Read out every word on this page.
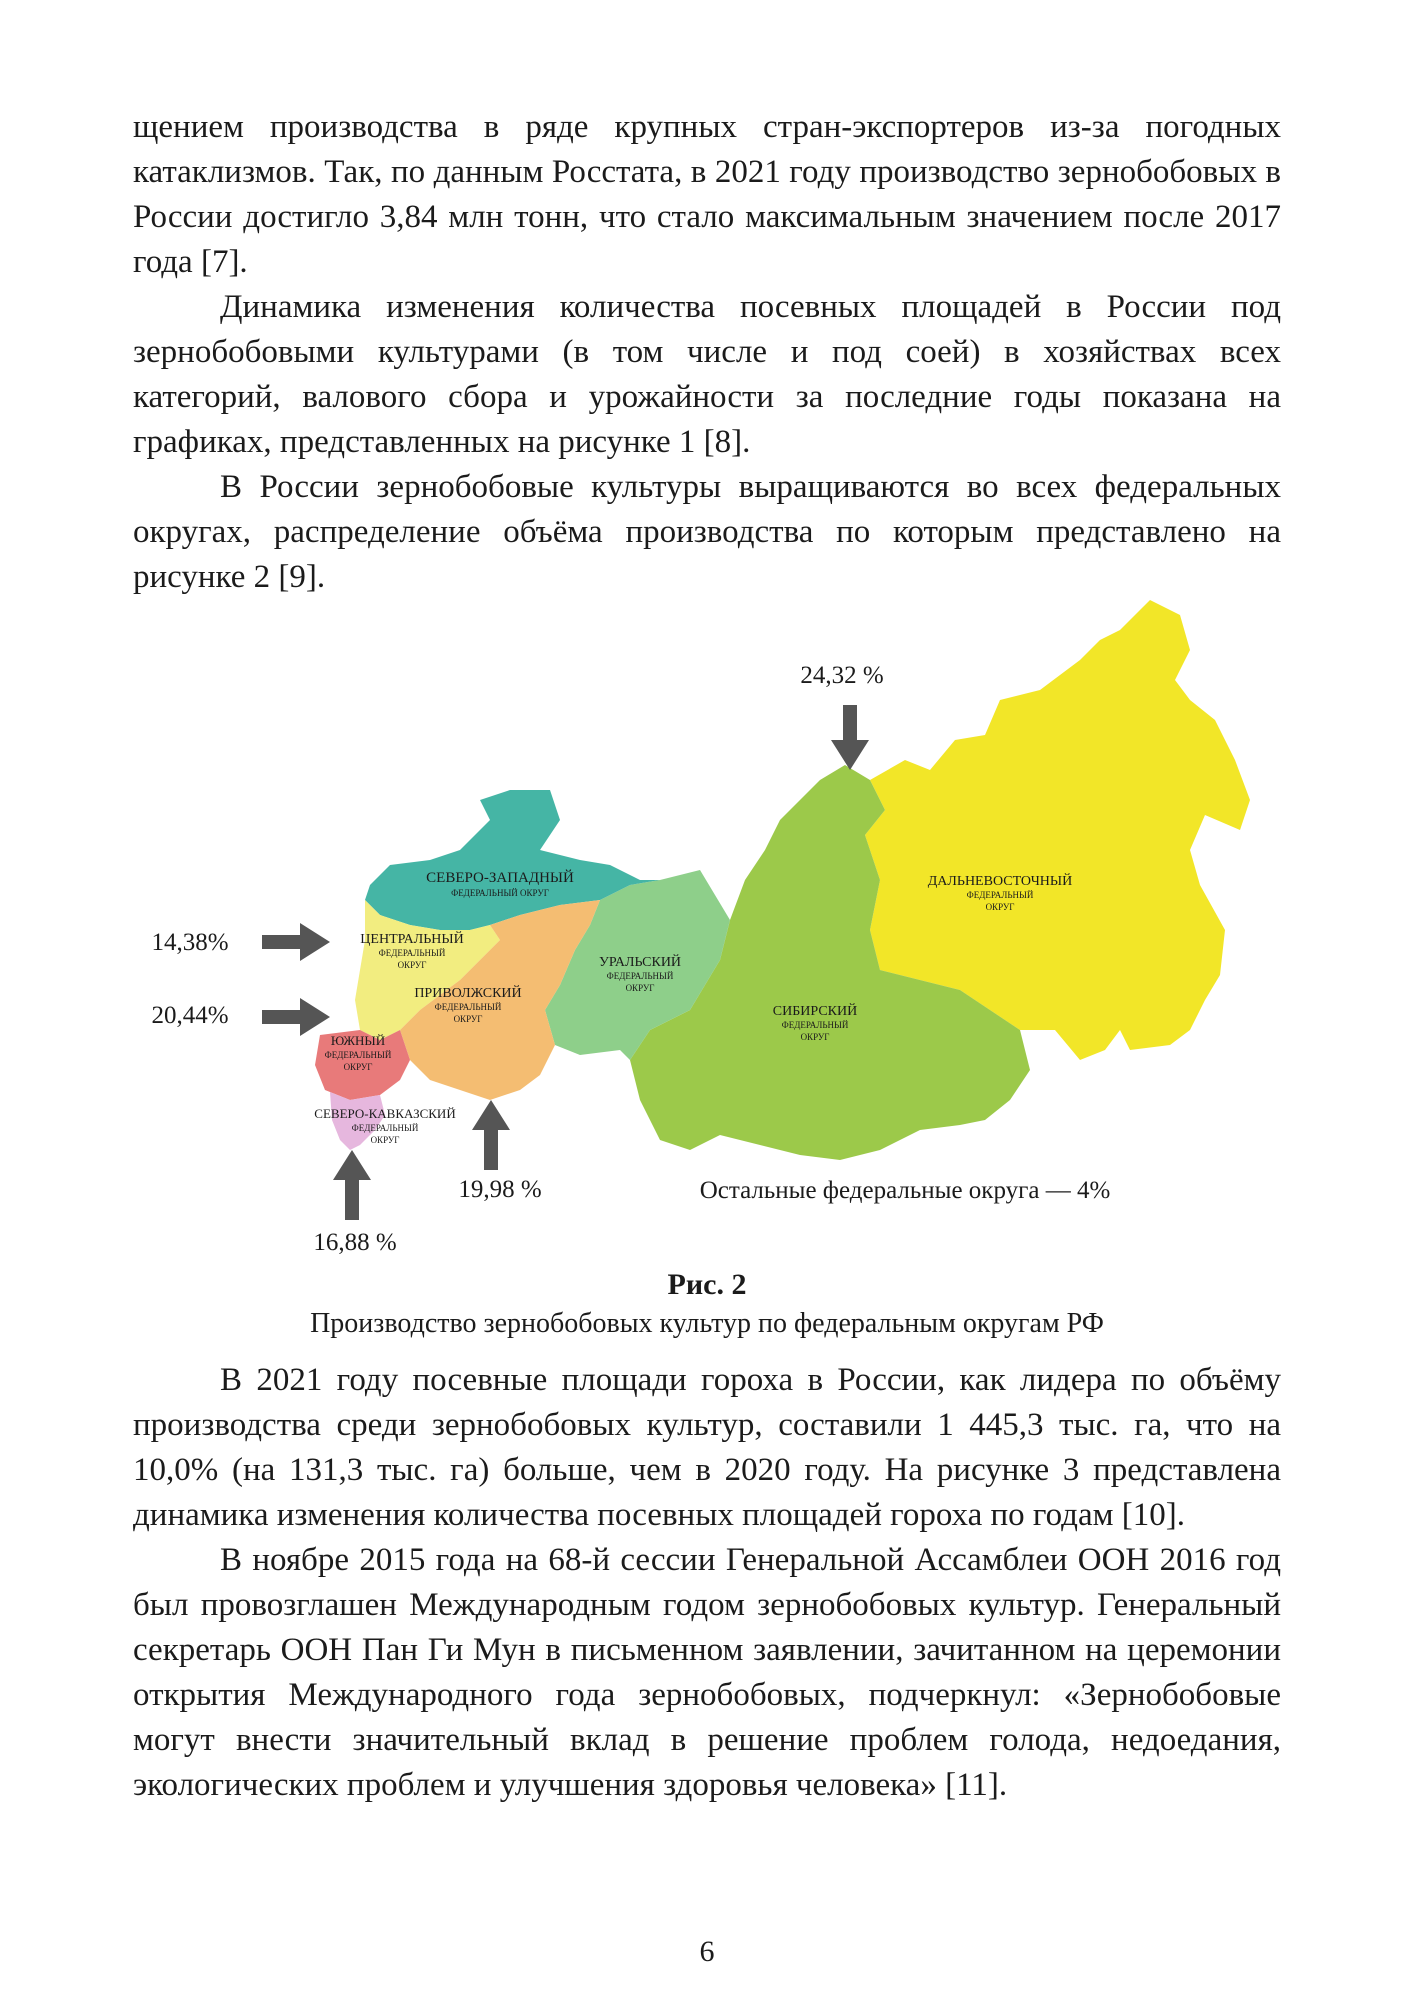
щением производства в ряде крупных стран-экспортеров из-за погодных катаклизмов. Так, по данным Росстата, в 2021 году производство зернобобовых в России достигло 3,84 млн тонн, что стало максимальным значением после 2017 года [7].

Динамика изменения количества посевных площадей в России под зернобобовыми культурами (в том числе и под соей) в хозяйствах всех категорий, валового сбора и урожайности за последние годы показана на графиках, представленных на рисунке 1 [8].

В России зернобобовые культуры выращиваются во всех федеральных округах, распределение объёма производства по которым представлено на рисунке 2 [9].

СЕВЕРО-ЗАПАДНЫЙ
ФЕДЕРАЛЬНЫЙ ОКРУГ
ЦЕНТРАЛЬНЫЙ
ФЕДЕРАЛЬНЫЙ
ОКРУГ
ПРИВОЛЖСКИЙ
ФЕДЕРАЛЬНЫЙ
ОКРУГ
УРАЛЬСКИЙ
ФЕДЕРАЛЬНЫЙ
ОКРУГ
СИБИРСКИЙ
ФЕДЕРАЛЬНЫЙ
ОКРУГ
ДАЛЬНЕВОСТОЧНЫЙ
ФЕДЕРАЛЬНЫЙ
ОКРУГ
ЮЖНЫЙ
ФЕДЕРАЛЬНЫЙ
ОКРУГ
СЕВЕРО-КАВКАЗСКИЙ
ФЕДЕРАЛЬНЫЙ
ОКРУГ
24,32 %
14,38%
20,44%
19,98 %
16,88 %
Остальные федеральные округа — 4%
Рис. 2
Производство зернобобовых культур по федеральным округам РФ

В 2021 году посевные площади гороха в России, как лидера по объёму производства среди зернобобовых культур, составили 1 445,3 тыс. га, что на 10,0% (на 131,3 тыс. га) больше, чем в 2020 году. На рисунке 3 представлена динамика изменения количества посевных площадей гороха по годам [10].

В ноябре 2015 года на 68-й сессии Генеральной Ассамблеи ООН 2016 год был провозглашен Международным годом зернобобовых культур. Генеральный секретарь ООН Пан Ги Мун в письменном заявлении, зачитанном на церемонии открытия Международного года зернобобовых, подчеркнул: «Зернобобовые могут внести значительный вклад в решение проблем голода, недоедания, экологических проблем и улучшения здоровья человека» [11].

6
